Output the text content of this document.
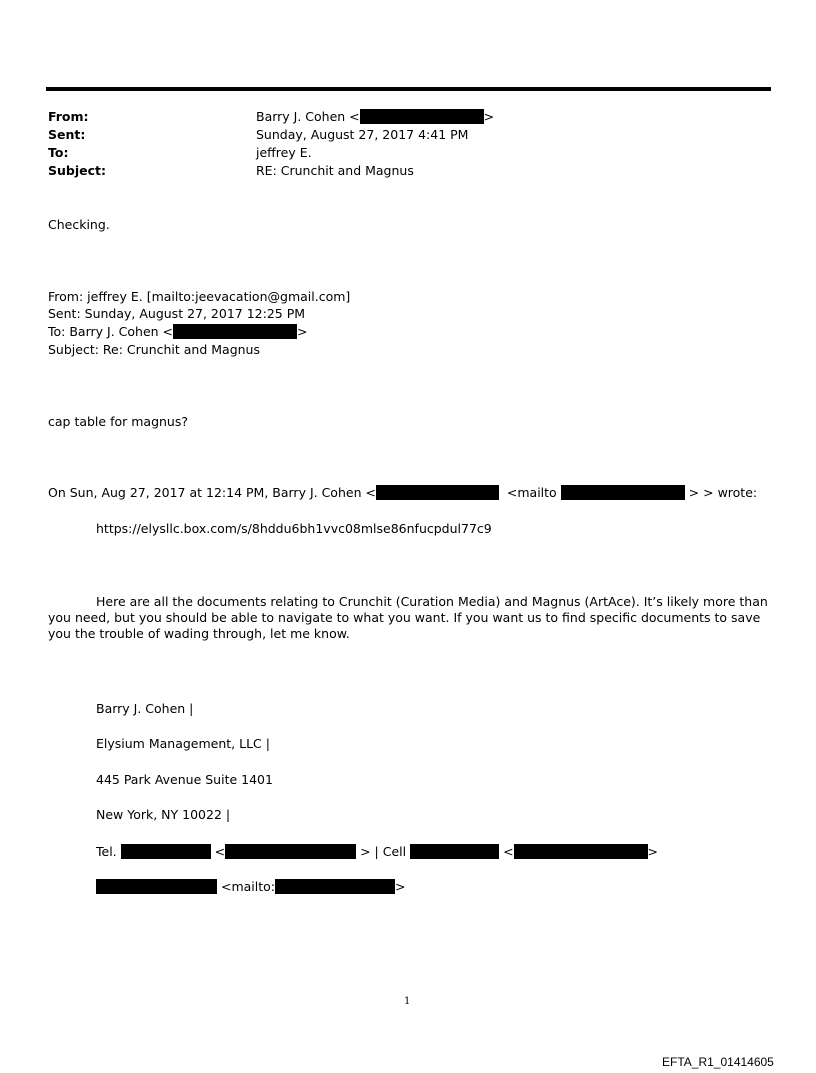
From:	Barry J. Cohen <	>
Sent:	Sunday, August 27, 2017 4:41 PM
To:	jeffrey E.
Subject:	RE: Crunchit and Magnus
Checking.
From: jeffrey E. [mailto:jeevacation@gmail.com]
Sent: Sunday, August 27, 2017 12:25 PM
To: Barry J. Cohen <	>
Subject: Re: Crunchit and Magnus
cap table for magnus?
On Sun, Aug 27, 2017 at 12:14 PM, Barry J. Cohen <	<mailto	> > wrote:
https://elysllc.box.com/s/8hddu6bh1vvc08mlse86nfucpdul77c9
Here are all the documents relating to Crunchit (Curation Media) and Magnus (ArtAce). It’s likely more than you need, but you should be able to navigate to what you want. If you want us to find specific documents to save you the trouble of wading through, let me know.
Barry J. Cohen |
Elysium Management, LLC |
445 Park Avenue Suite 1401
New York, NY 10022 |
Tel.	<	> | Cell	<	>
<mailto:	>
1
EFTA_R1_01414605
